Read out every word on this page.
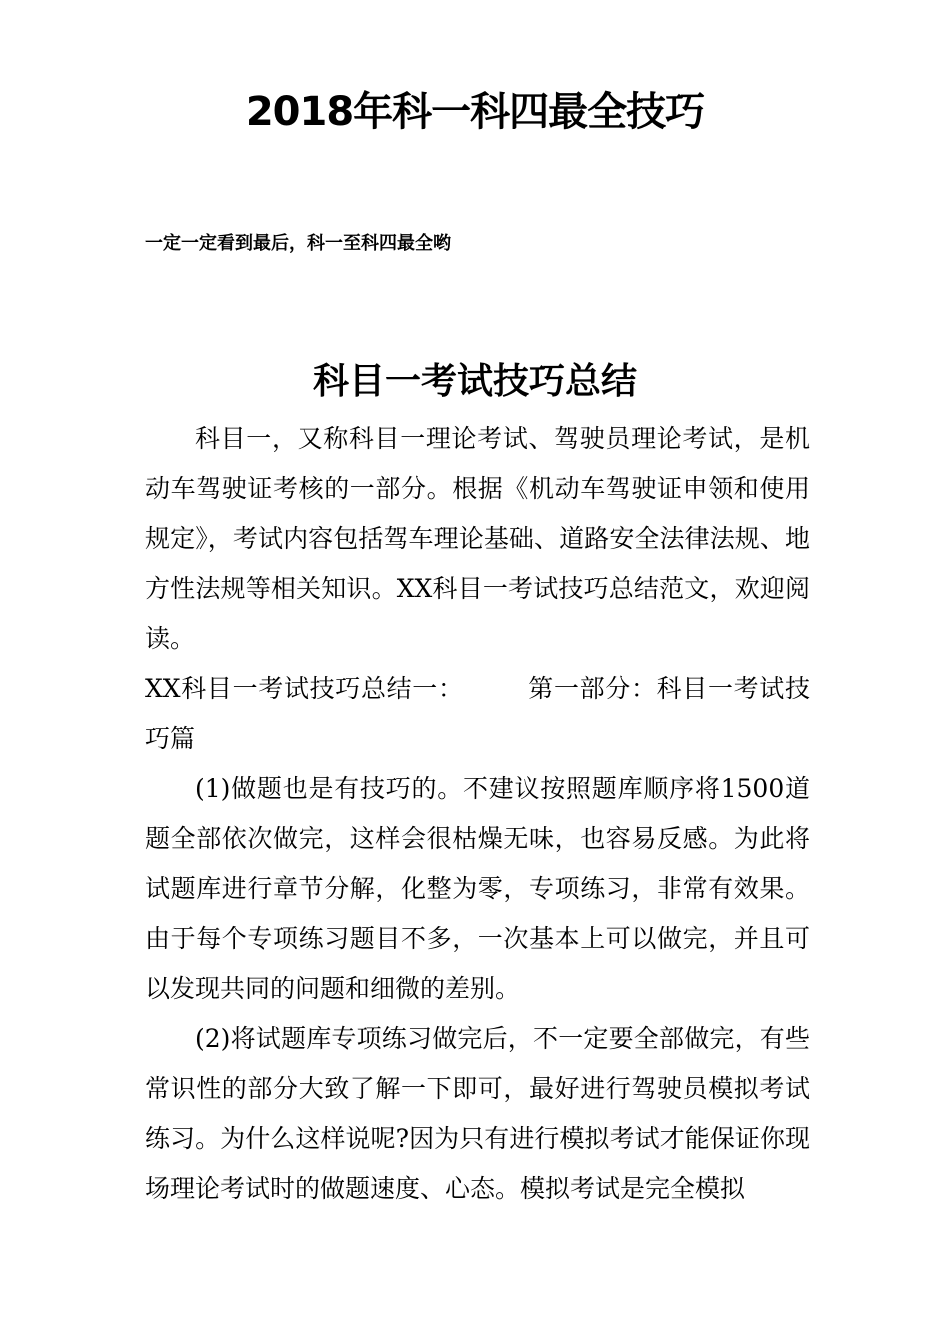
2018年科一科四最全技巧

一定一定看到最后，科一至科四最全哟

科目一考试技巧总结

科目一，又称科目一理论考试、驾驶员理论考试，是机动车驾驶证考核的一部分。根据《机动车驾驶证申领和使用规定》，考试内容包括驾车理论基础、道路安全法律法规、地方性法规等相关知识。XX科目一考试技巧总结范文，欢迎阅读。

XX科目一考试技巧总结一：	第一部分：科目一考试技巧篇

(1)做题也是有技巧的。不建议按照题库顺序将1500道题全部依次做完，这样会很枯燥无味，也容易反感。为此将试题库进行章节分解，化整为零，专项练习，非常有效果。由于每个专项练习题目不多，一次基本上可以做完，并且可以发现共同的问题和细微的差别。

(2)将试题库专项练习做完后，不一定要全部做完，有些常识性的部分大致了解一下即可，最好进行驾驶员模拟考试练习。为什么这样说呢?因为只有进行模拟考试才能保证你现场理论考试时的做题速度、心态。模拟考试是完全模拟
